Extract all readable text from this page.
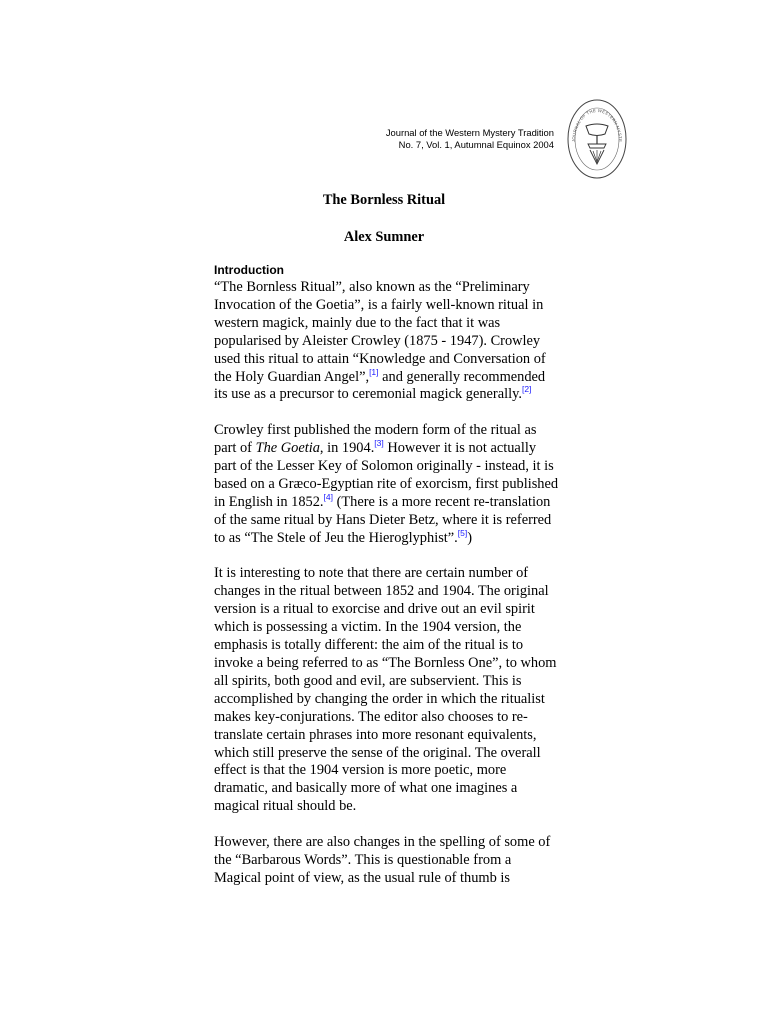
Journal of the Western Mystery Tradition
No. 7, Vol. 1, Autumnal Equinox 2004	JOURNAL OF THE WESTERN MYSTE
The Bornless Ritual
Alex Sumner
Introduction

“The Bornless Ritual”, also known as the “Preliminary Invocation of the Goetia”, is a fairly well-known ritual in western magick, mainly due to the fact that it was popularised by Aleister Crowley (1875 - 1947). Crowley used this ritual to attain “Knowledge and Conversation of the Holy Guardian Angel”,[1] and generally recommended its use as a precursor to ceremonial magick generally.[2]

Crowley first published the modern form of the ritual as part of The Goetia, in 1904.[3] However it is not actually part of the Lesser Key of Solomon originally - instead, it is based on a Græco-Egyptian rite of exorcism, first published in English in 1852.[4] (There is a more recent re-translation of the same ritual by Hans Dieter Betz, where it is referred to as “The Stele of Jeu the Hieroglyphist”.[5])

It is interesting to note that there are certain number of changes in the ritual between 1852 and 1904. The original version is a ritual to exorcise and drive out an evil spirit which is possessing a victim. In the 1904 version, the emphasis is totally different: the aim of the ritual is to invoke a being referred to as “The Bornless One”, to whom all spirits, both good and evil, are subservient. This is accomplished by changing the order in which the ritualist makes key-conjurations. The editor also chooses to re-translate certain phrases into more resonant equivalents, which still preserve the sense of the original. The overall effect is that the 1904 version is more poetic, more dramatic, and basically more of what one imagines a magical ritual should be.

However, there are also changes in the spelling of some of the “Barbarous Words”. This is questionable from a Magical point of view, as the usual rule of thumb is
